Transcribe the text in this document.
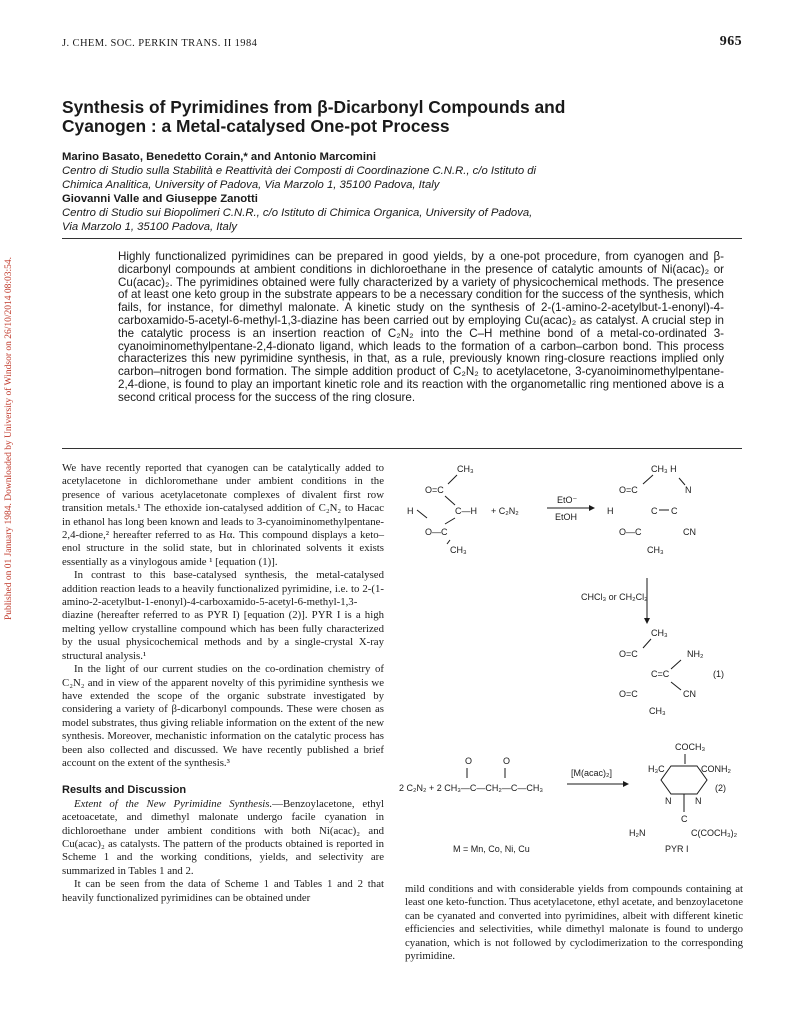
J. CHEM. SOC. PERKIN TRANS. II 1984	965
Published on 01 January 1984. Downloaded by University of Windsor on 26/10/2014 08:03:54.
Synthesis of Pyrimidines from β-Dicarbonyl Compounds and
Cyanogen : a Metal-catalysed One-pot Process
Marino Basato, Benedetto Corain,* and Antonio Marcomini
Centro di Studio sulla Stabilità e Reattività dei Composti di Coordinazione C.N.R., c/o Istituto di
Chimica Analitica, University of Padova, Via Marzolo 1, 35100 Padova, Italy
Giovanni Valle and Giuseppe Zanotti
Centro di Studio sui Biopolimeri C.N.R., c/o Istituto di Chimica Organica, University of Padova,
Via Marzolo 1, 35100 Padova, Italy
Highly functionalized pyrimidines can be prepared in good yields, by a one-pot procedure, from cyanogen and β-dicarbonyl compounds at ambient conditions in dichloroethane in the presence of catalytic amounts of Ni(acac)₂ or Cu(acac)₂. The pyrimidines obtained were fully characterized by a variety of physicochemical methods. The presence of at least one keto group in the substrate appears to be a necessary condition for the success of the synthesis, which fails, for instance, for dimethyl malonate. A kinetic study on the synthesis of 2-(1-amino-2-acetylbut-1-enonyl)-4-carboxamido-5-acetyl-6-methyl-1,3-diazine has been carried out by employing Cu(acac)₂ as catalyst. A crucial step in the catalytic process is an insertion reaction of C₂N₂ into the C–H methine bond of a metal-co-ordinated 3-cyanoiminomethylpentane-2,4-dionato ligand, which leads to the formation of a carbon–carbon bond. This process characterizes this new pyrimidine synthesis, in that, as a rule, previously known ring-closure reactions implied only carbon–nitrogen bond formation. The simple addition product of C₂N₂ to acetylacetone, 3-cyanoiminomethylpentane-2,4-dione, is found to play an important kinetic role and its reaction with the organometallic ring mentioned above is a second critical process for the success of the ring closure.

We have recently reported that cyanogen can be catalytically added to acetylacetone in dichloromethane under ambient conditions in the presence of various acetylacetonate complexes of divalent first row transition metals.¹ The ethoxide ion-catalysed addition of C₂N₂ to Hacac in ethanol has long been known and leads to 3-cyanoiminomethylpentane-2,4-dione,² hereafter referred to as Hα. This compound displays a keto–enol structure in the solid state, but in chlorinated solvents it exists essentially as a vinylogous amide ¹ [equation (1)].

In contrast to this base-catalysed synthesis, the metal-catalysed addition reaction leads to a heavily functionalized pyrimidine, i.e. to 2-(1-amino-2-acetylbut-1-enonyl)-4-carboxamido-5-acetyl-6-methyl-1,3-diazine (hereafter referred to as PYR I) [equation (2)]. PYR I is a high melting yellow crystalline compound which has been fully characterized by the usual physicochemical methods and by a single-crystal X-ray structural analysis.¹

In the light of our current studies on the co-ordination chemistry of C₂N₂ and in view of the apparent novelty of this pyrimidine synthesis we have extended the scope of the organic substrate investigated by considering a variety of β-dicarbonyl compounds. These were chosen as model substrates, thus giving reliable information on the extent of the new synthesis. Moreover, mechanistic information on the catalytic process has been also collected and discussed. We have recently published a brief account on the extent of the synthesis.³

Results and Discussion

Extent of the New Pyrimidine Synthesis.—Benzoylacetone, ethyl acetoacetate, and dimethyl malonate undergo facile cyanation in dichloroethane under ambient conditions with both Ni(acac)₂ and Cu(acac)₂ as catalysts. The pattern of the products obtained is reported in Scheme 1 and the working conditions, yields, and selectivity are summarized in Tables 1 and 2.

It can be seen from the data of Scheme 1 and Tables 1 and 2 that heavily functionalized pyrimidines can be obtained under

CH₃
O=C
H	C—H + C₂N₂
O—C
CH₃
EtO⁻
EtOH
CH₃ H
O=C	N
H	C C
O—C	CN
CH₃
CHCl₃ or CH₂Cl₂
CH₃
O=C	NH₂
C=C	(1)
O=C	CN
CH₃
COCH₃
O	O
H₃C	CONH₂
[M(acac)₂]
2 C₂N₂ + 2 CH₃—C—CH₂—C—CH₃
N	N
(2)
C
H₂N	C(COCH₃)₂
M = Mn, Co, Ni, Cu	PYR I

mild conditions and with considerable yields from compounds containing at least one keto-function. Thus acetylacetone, ethyl acetate, and benzoylacetone can be cyanated and converted into pyrimidines, albeit with different kinetic efficiencies and selectivities, while dimethyl malonate is found to undergo cyanation, which is not followed by cyclodimerization to the corresponding pyrimidine.
